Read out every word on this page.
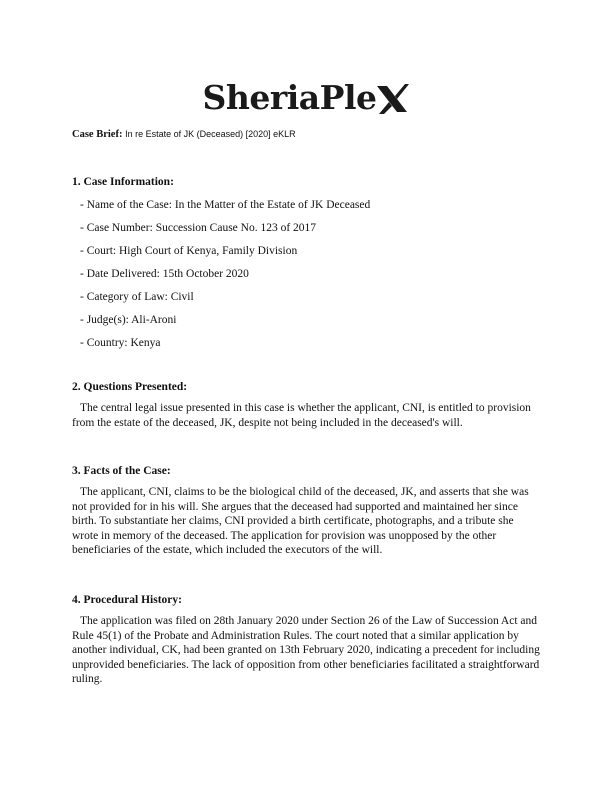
SheriaPle
Case Brief: In re Estate of JK (Deceased) [2020] eKLR

1. Case Information:

- Name of the Case: In the Matter of the Estate of JK Deceased
- Case Number: Succession Cause No. 123 of 2017
- Court: High Court of Kenya, Family Division
- Date Delivered: 15th October 2020
- Category of Law: Civil
- Judge(s): Ali-Aroni
- Country: Kenya

2. Questions Presented:

The central legal issue presented in this case is whether the applicant, CNI, is entitled to provision from the estate of the deceased, JK, despite not being included in the deceased's will.

3. Facts of the Case:

The applicant, CNI, claims to be the biological child of the deceased, JK, and asserts that she was not provided for in his will. She argues that the deceased had supported and maintained her since birth. To substantiate her claims, CNI provided a birth certificate, photographs, and a tribute she wrote in memory of the deceased. The application for provision was unopposed by the other beneficiaries of the estate, which included the executors of the will.

4. Procedural History:

The application was filed on 28th January 2020 under Section 26 of the Law of Succession Act and Rule 45(1) of the Probate and Administration Rules. The court noted that a similar application by another individual, CK, had been granted on 13th February 2020, indicating a precedent for including unprovided beneficiaries. The lack of opposition from other beneficiaries facilitated a straightforward ruling.
